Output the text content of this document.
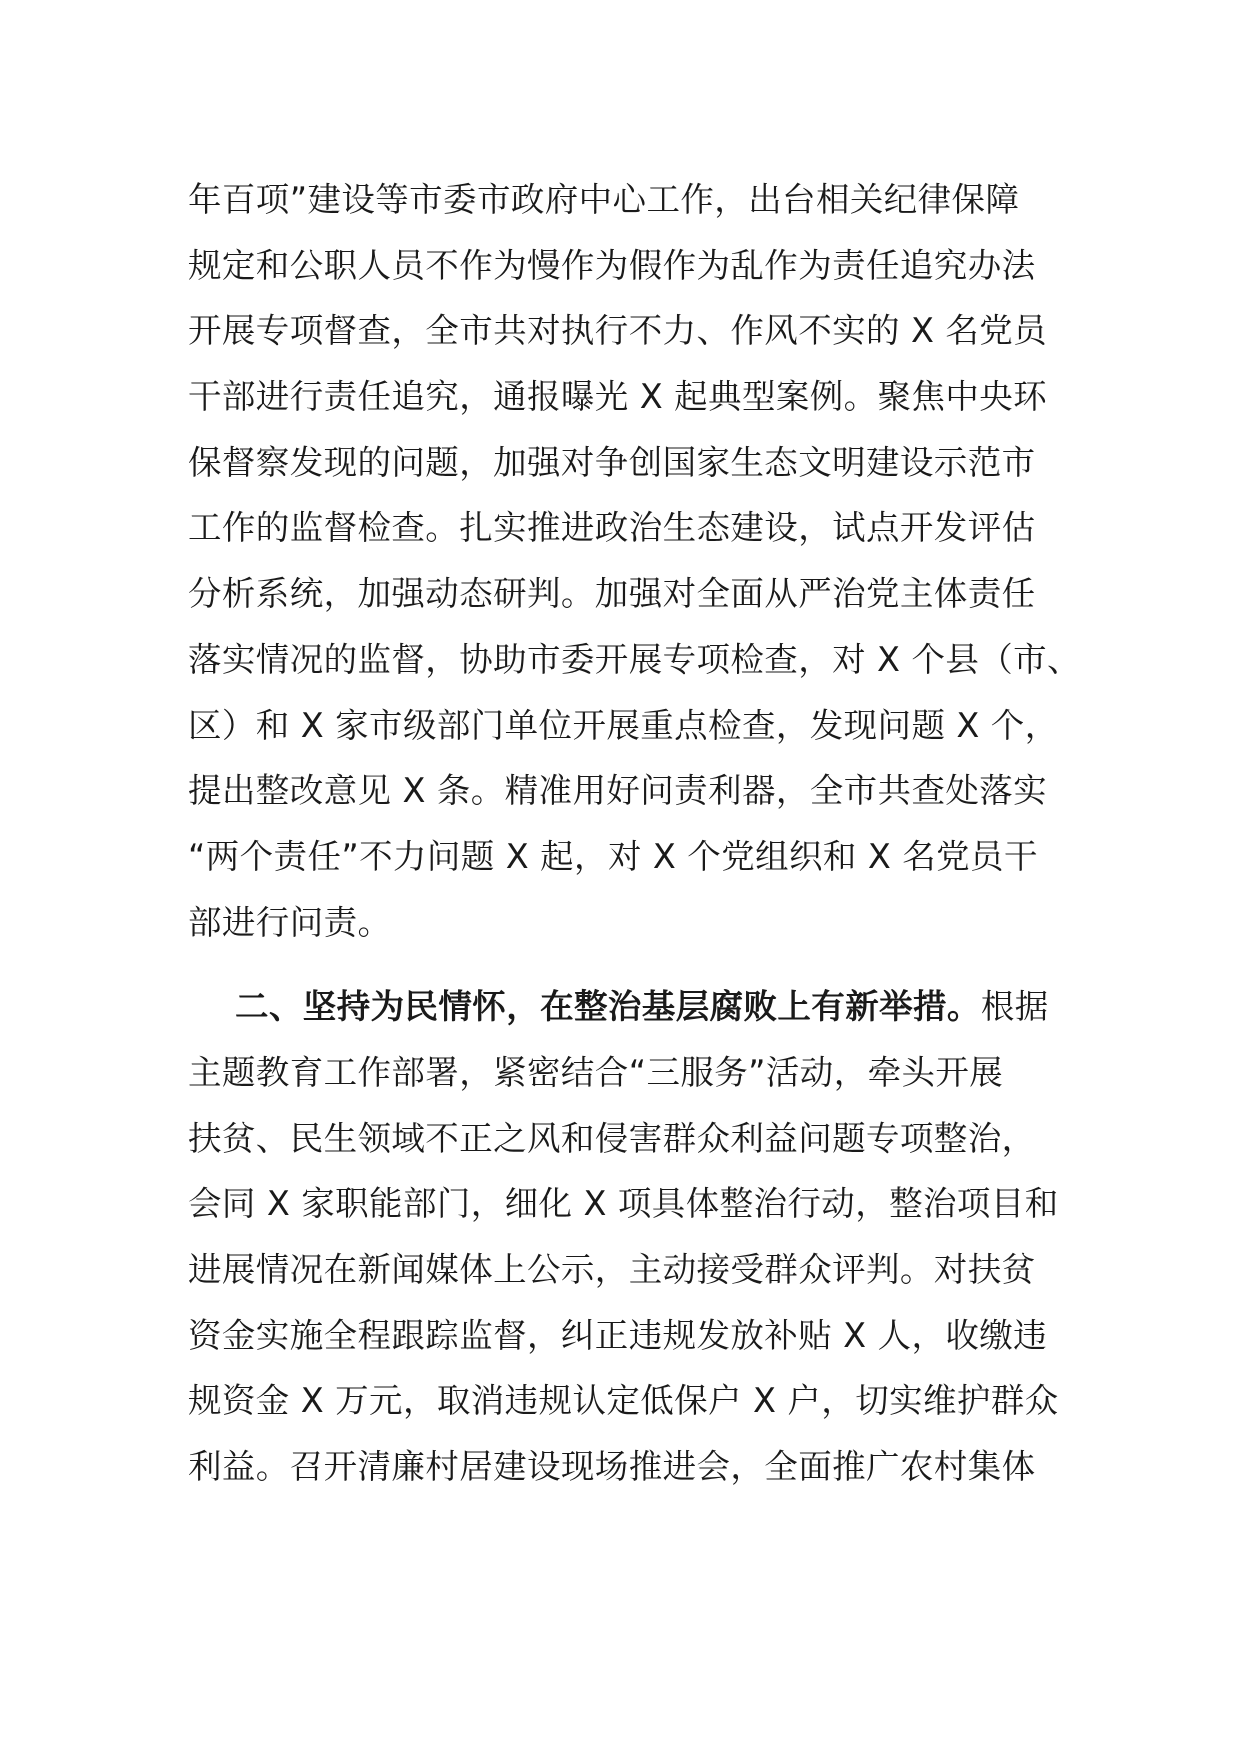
年百项”建设等市委市政府中心工作，出台相关纪律保障
规定和公职人员不作为慢作为假作为乱作为责任追究办法
开展专项督查，全市共对执行不力、作风不实的 X 名党员
干部进行责任追究，通报曝光 X 起典型案例。聚焦中央环
保督察发现的问题，加强对争创国家生态文明建设示范市
工作的监督检查。扎实推进政治生态建设，试点开发评估
分析系统，加强动态研判。加强对全面从严治党主体责任
落实情况的监督，协助市委开展专项检查，对 X 个县（市、
区）和 X 家市级部门单位开展重点检查，发现问题 X 个，
提出整改意见 X 条。精准用好问责利器，全市共查处落实
“两个责任”不力问题 X 起，对 X 个党组织和 X 名党员干
部进行问责。
二、坚持为民情怀，在整治基层腐败上有新举措。根据
主题教育工作部署，紧密结合“三服务”活动，牵头开展
扶贫、民生领域不正之风和侵害群众利益问题专项整治，
会同 X 家职能部门，细化 X 项具体整治行动，整治项目和
进展情况在新闻媒体上公示，主动接受群众评判。对扶贫
资金实施全程跟踪监督，纠正违规发放补贴 X 人，收缴违
规资金 X 万元，取消违规认定低保户 X 户，切实维护群众
利益。召开清廉村居建设现场推进会，全面推广农村集体
